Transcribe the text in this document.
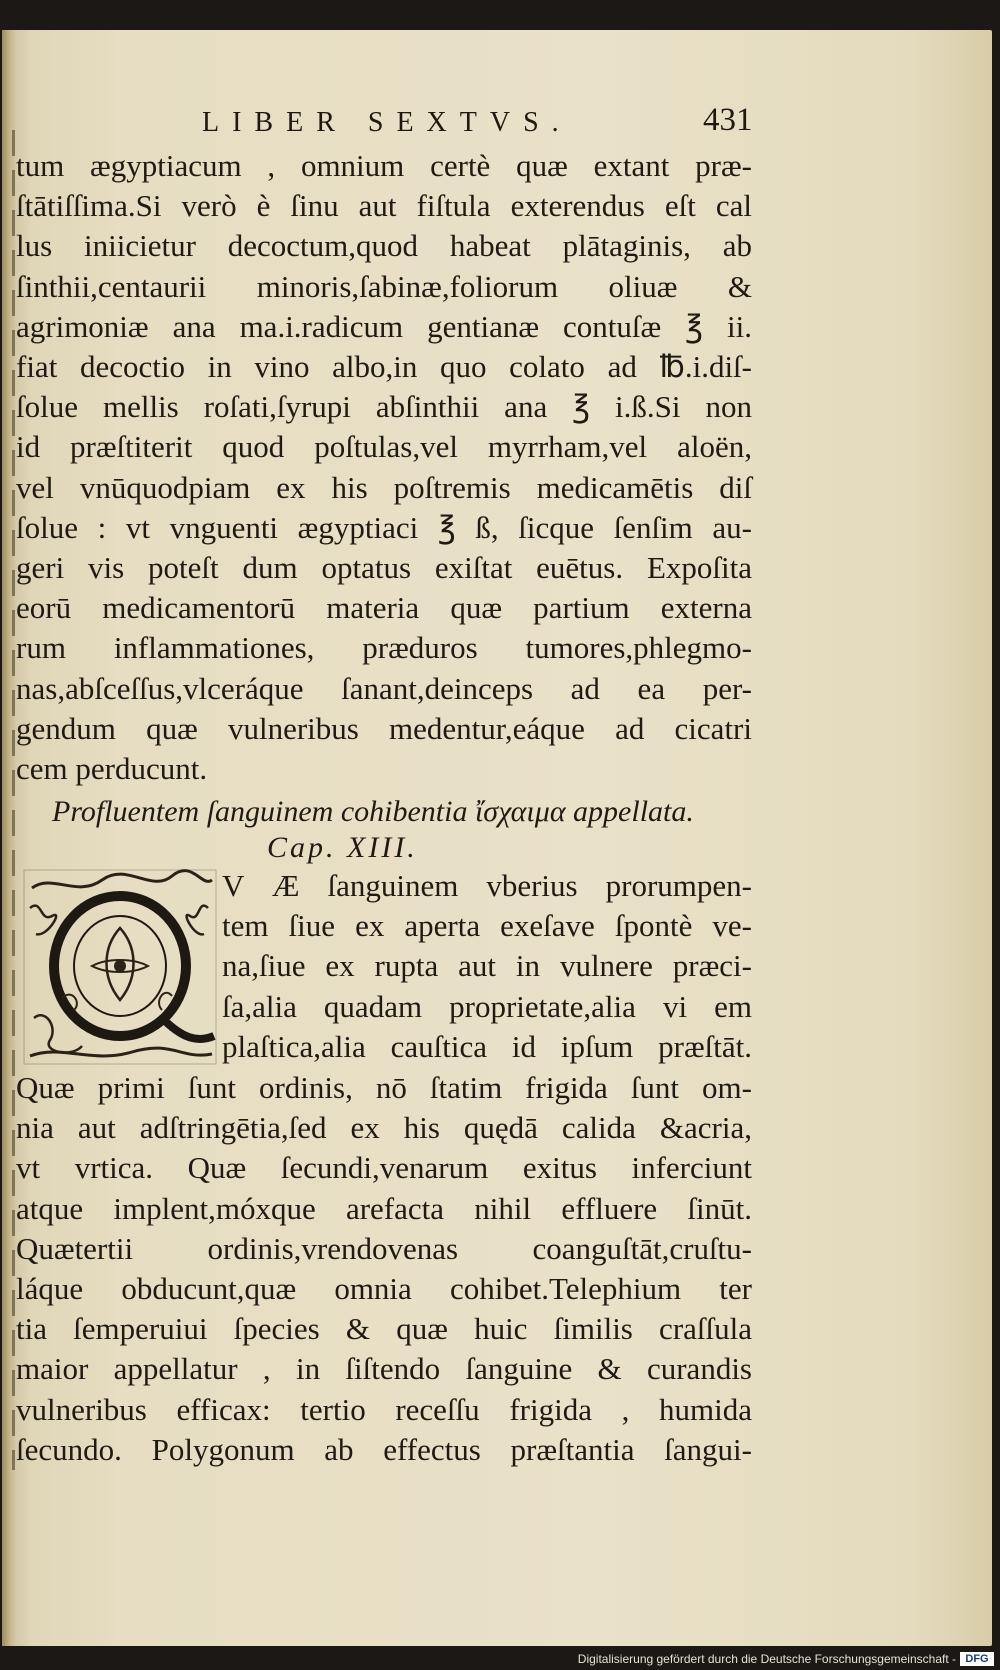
LIBER SEXTVS.	431
tum ægyptiacum , omnium certè quæ extant præ-
ſtātiſſima.Si verò è ſinu aut fiſtula exterendus eſt cal
lus iniicietur decoctum,quod habeat plātaginis, ab
ſinthii,centaurii minoris,ſabinæ,foliorum oliuæ &
agrimoniæ ana ma.i.radicum gentianæ contuſæ ℥ ii.
fiat decoctio in vino albo,in quo colato ad ℔.i.diſ-
ſolue mellis roſati,ſyrupi abſinthii ana ℥ i.ß.Si non
id præſtiterit quod poſtulas,vel myrrham,vel aloën,
vel vnūquodpiam ex his poſtremis medicamētis diſ
ſolue : vt vnguenti ægyptiaci ℥ ß, ſicque ſenſim au-
geri vis poteſt dum optatus exiſtat euētus. Expoſita
eorū medicamentorū materia quæ partium externa
rum inflammationes, præduros tumores,phlegmo-
nas,abſceſſus,vlceráque ſanant,deinceps ad ea per-
gendum quæ vulneribus medentur,eáque ad cicatri
cem perducunt.
Profluentem ſanguinem cohibentia ἴσχαιμα appellata.
Cap. XIII.
V Æ ſanguinem vberius prorumpen-
tem ſiue ex aperta exeſave ſpontè ve-
na,ſiue ex rupta aut in vulnere præci-
ſa,alia quadam proprietate,alia vi em
plaſtica,alia cauſtica id ipſum præſtāt.
Quæ primi ſunt ordinis, nō ſtatim frigida ſunt om-
nia aut adſtringētia,ſed ex his quędā calida &acria,
vt vrtica. Quæ ſecundi,venarum exitus inferciunt
atque implent,móxque arefacta nihil effluere ſinūt.
Quætertii ordinis,vrendovenas coanguſtāt,cruſtu-
láque obducunt,quæ omnia cohibet.Telephium ter
tia ſemperuiui ſpecies & quæ huic ſimilis craſſula
maior appellatur , in ſiſtendo ſanguine & curandis
vulneribus efficax: tertio receſſu frigida , humida
ſecundo. Polygonum ab effectus præſtantia ſangui-
Digitalisierung gefördert durch die Deutsche Forschungsgemeinschaft - DFG
